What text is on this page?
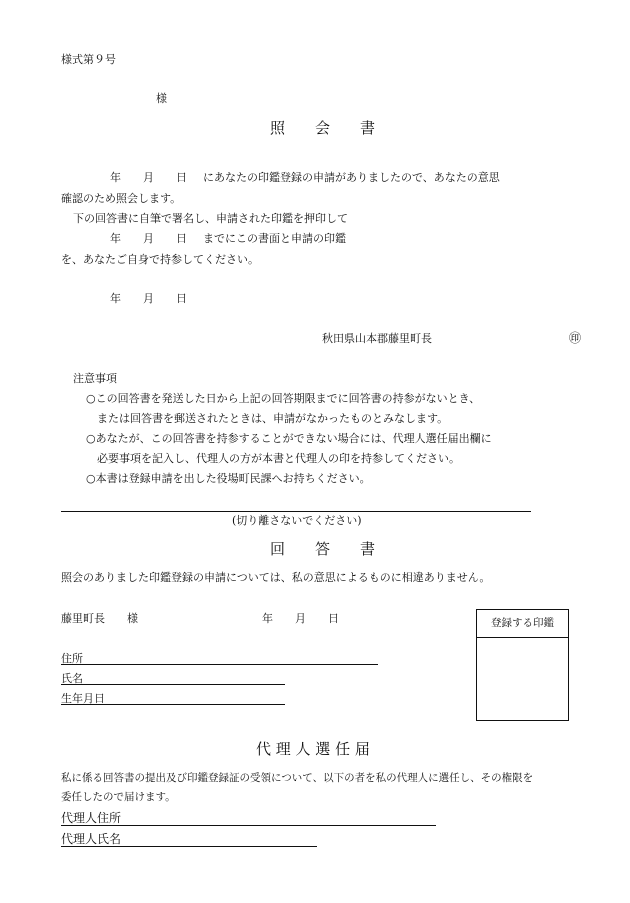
様式第９号
様
照　　会　　書
年　　月　　日 にあなたの印鑑登録の申請がありましたので、あなたの意思
確認のため照会します。
下の回答書に自筆で署名し、申請された印鑑を押印して
年　　月　　日 までにこの書面と申請の印鑑
を、あなたご自身で持参してください。
年　　月　　日
秋田県山本郡藤里町長	㊞
注意事項
○この回答書を発送した日から上記の回答期限までに回答書の持参がないとき、
　または回答書を郵送されたときは、申請がなかったものとみなします。
○あなたが、この回答書を持参することができない場合には、代理人選任届出欄に
　必要事項を記入し、代理人の方が本書と代理人の印を持参してください。
○本書は登録申請を出した役場町民課へお持ちください。
(切り離さないでください)
回　　答　　書
照会のありました印鑑登録の申請については、私の意思によるものに相違ありません。
藤里町長　　様	年　　月　　日	登録する印鑑
住所
氏名
生年月日
代 理 人 選 任 届
私に係る回答書の提出及び印鑑登録証の受領について、以下の者を私の代理人に選任し、その権限を
委任したので届けます。
代理人住所
代理人氏名
